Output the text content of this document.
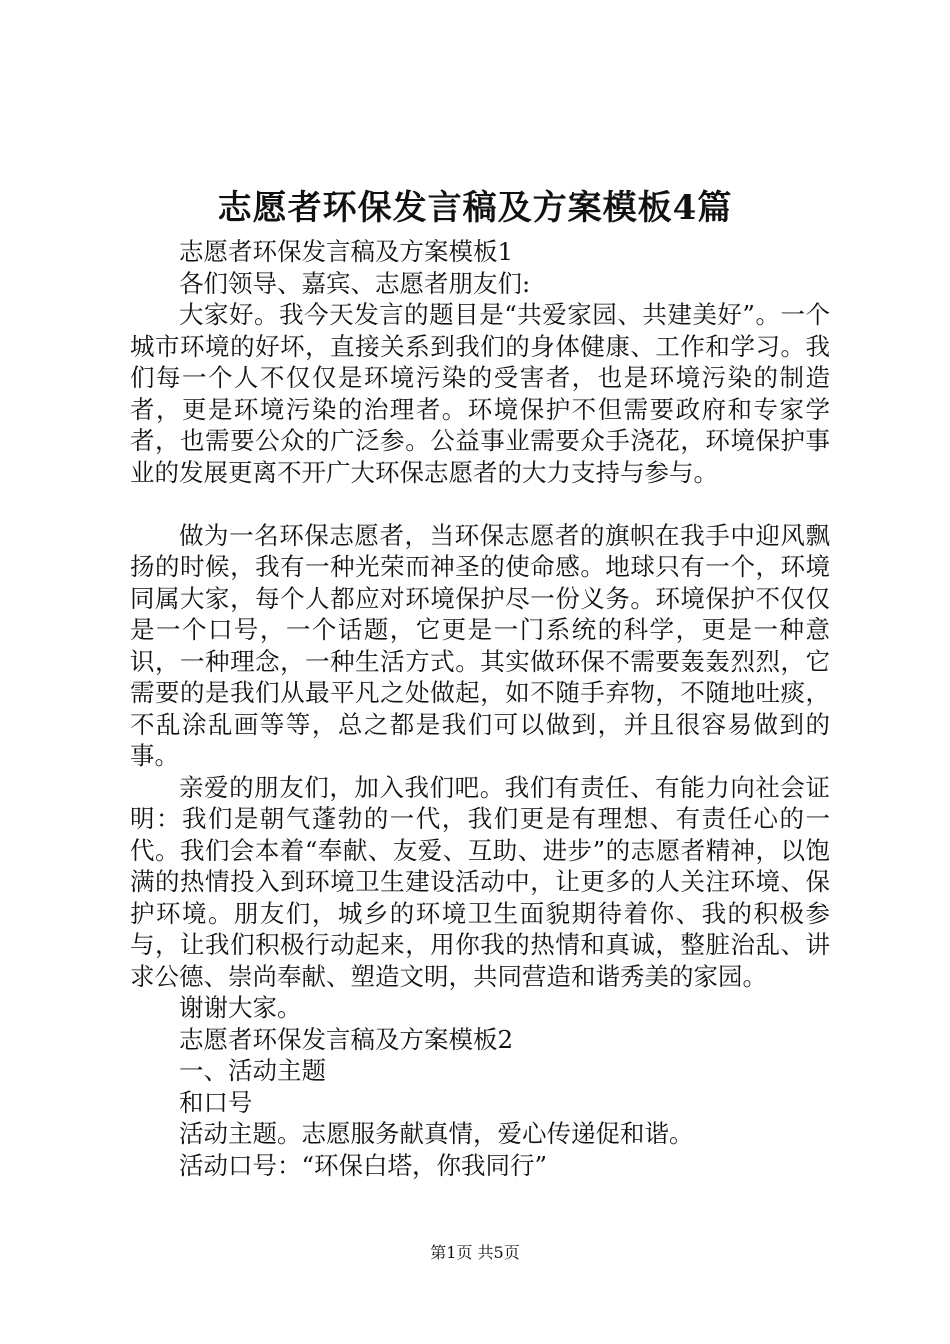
志愿者环保发言稿及方案模板4篇

志愿者环保发言稿及方案模板1

各们领导、嘉宾、志愿者朋友们:

大家好。我今天发言的题目是“共爱家园、共建美好”。一个城市环境的好坏，直接关系到我们的身体健康、工作和学习。我们每一个人不仅仅是环境污染的受害者，也是环境污染的制造者，更是环境污染的治理者。环境保护不但需要政府和专家学者，也需要公众的广泛参。公益事业需要众手浇花，环境保护事业的发展更离不开广大环保志愿者的大力支持与参与。

做为一名环保志愿者，当环保志愿者的旗帜在我手中迎风飘扬的时候，我有一种光荣而神圣的使命感。地球只有一个，环境同属大家，每个人都应对环境保护尽一份义务。环境保护不仅仅是一个口号，一个话题，它更是一门系统的科学，更是一种意识，一种理念，一种生活方式。其实做环保不需要轰轰烈烈，它需要的是我们从最平凡之处做起，如不随手弃物，不随地吐痰，不乱涂乱画等等，总之都是我们可以做到，并且很容易做到的事。

亲爱的朋友们，加入我们吧。我们有责任、有能力向社会证明：我们是朝气蓬勃的一代，我们更是有理想、有责任心的一代。我们会本着“奉献、友爱、互助、进步”的志愿者精神，以饱满的热情投入到环境卫生建设活动中，让更多的人关注环境、保护环境。朋友们，城乡的环境卫生面貌期待着你、我的积极参与，让我们积极行动起来，用你我的热情和真诚，整脏治乱、讲求公德、崇尚奉献、塑造文明，共同营造和谐秀美的家园。

谢谢大家。

志愿者环保发言稿及方案模板2

一、活动主题

和口号

活动主题。志愿服务献真情，爱心传递促和谐。

活动口号：“环保白塔，你我同行”

第1页 共5页
